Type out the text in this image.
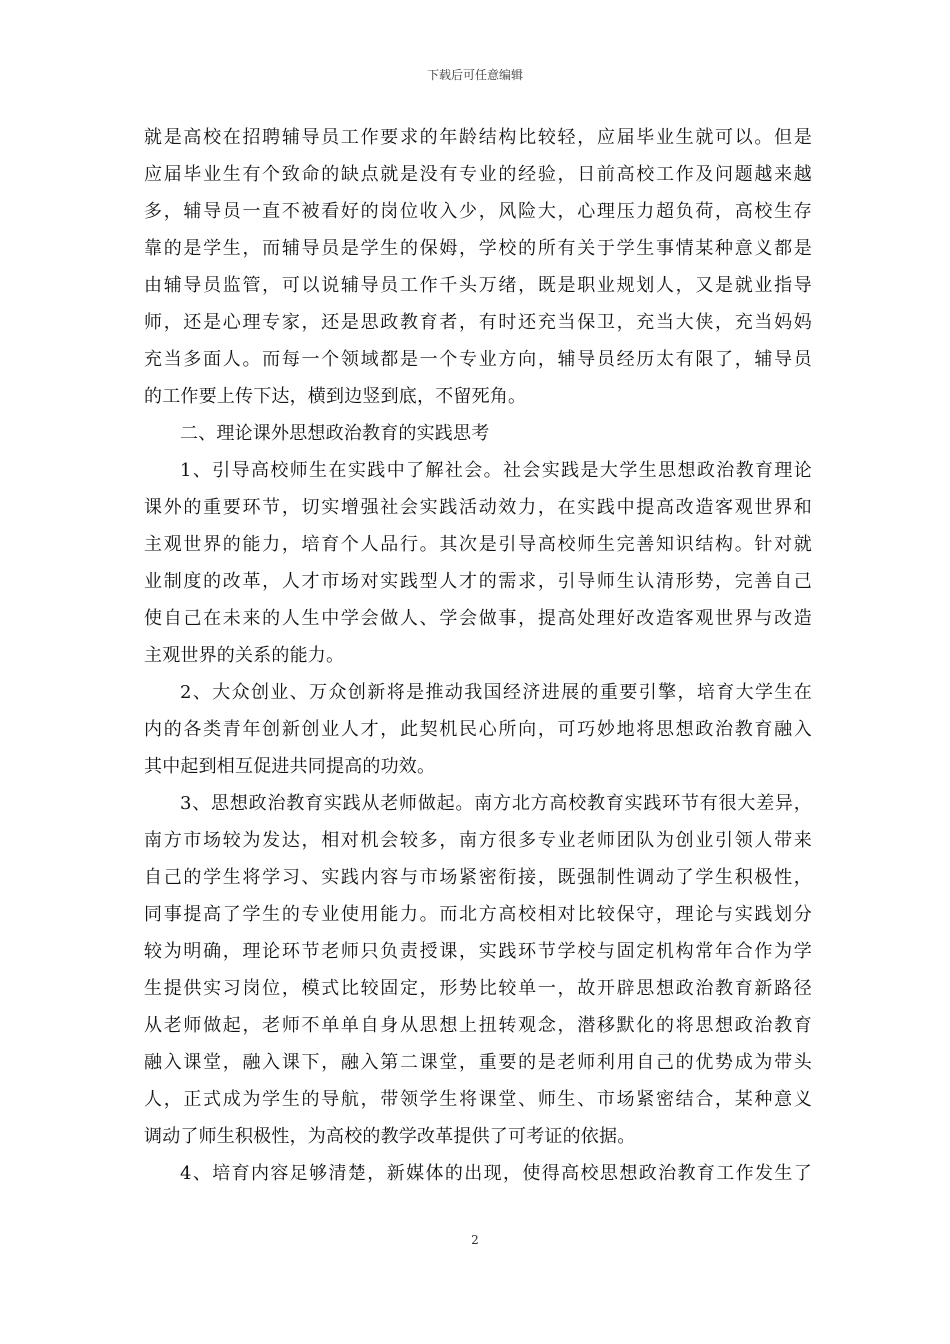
下载后可任意编辑
就是高校在招聘辅导员工作要求的年龄结构比较轻，应届毕业生就可以。但是
应届毕业生有个致命的缺点就是没有专业的经验，日前高校工作及问题越来越
多，辅导员一直不被看好的岗位收入少，风险大，心理压力超负荷，高校生存
靠的是学生，而辅导员是学生的保姆，学校的所有关于学生事情某种意义都是
由辅导员监管，可以说辅导员工作千头万绪，既是职业规划人，又是就业指导
师，还是心理专家，还是思政教育者，有时还充当保卫，充当大侠，充当妈妈
充当多面人。而每一个领域都是一个专业方向，辅导员经历太有限了，辅导员
的工作要上传下达，横到边竖到底，不留死角。
二、理论课外思想政治教育的实践思考
1、引导高校师生在实践中了解社会。社会实践是大学生思想政治教育理论
课外的重要环节，切实增强社会实践活动效力，在实践中提高改造客观世界和
主观世界的能力，培育个人品行。其次是引导高校师生完善知识结构。针对就
业制度的改革，人才市场对实践型人才的需求，引导师生认清形势，完善自己
使自己在未来的人生中学会做人、学会做事，提高处理好改造客观世界与改造
主观世界的关系的能力。
2、大众创业、万众创新将是推动我国经济进展的重要引擎，培育大学生在
内的各类青年创新创业人才，此契机民心所向，可巧妙地将思想政治教育融入
其中起到相互促进共同提高的功效。
3、思想政治教育实践从老师做起。南方北方高校教育实践环节有很大差异，
南方市场较为发达，相对机会较多，南方很多专业老师团队为创业引领人带来
自己的学生将学习、实践内容与市场紧密衔接，既强制性调动了学生积极性，
同事提高了学生的专业使用能力。而北方高校相对比较保守，理论与实践划分
较为明确，理论环节老师只负责授课，实践环节学校与固定机构常年合作为学
生提供实习岗位，模式比较固定，形势比较单一，故开辟思想政治教育新路径
从老师做起，老师不单单自身从思想上扭转观念，潜移默化的将思想政治教育
融入课堂，融入课下，融入第二课堂，重要的是老师利用自己的优势成为带头
人，正式成为学生的导航，带领学生将课堂、师生、市场紧密结合，某种意义
调动了师生积极性，为高校的教学改革提供了可考证的依据。
4、培育内容足够清楚，新媒体的出现，使得高校思想政治教育工作发生了
2
